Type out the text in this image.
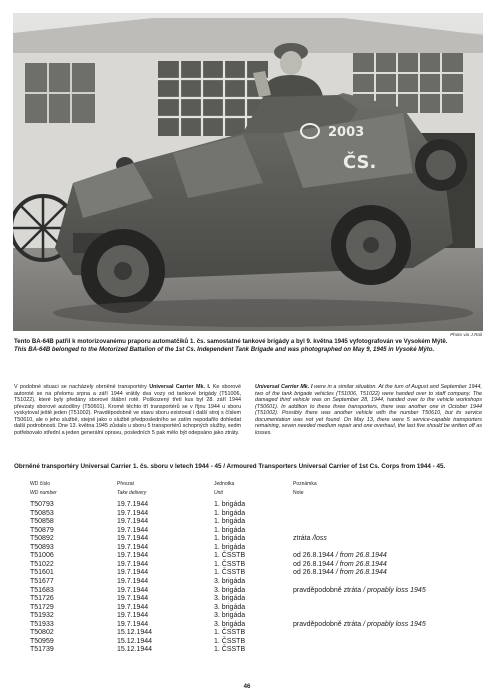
2003
ČS.
Photo via J.Rail
Tento BA-64B patřil k motorizovanému praporu automatčíků 1. čs. samostatné tankové brigády a byl 9. května 1945 vyfotografován ve Vysokém Mýtě.
This BA-64B belonged to the Motorized Battalion of the 1st Cs. Independent Tank Brigade and was photographed on May 9, 1945 in Vysoké Mýto.
V podobné situaci se nacházely obrněné transportéry Universal Carrier Mk. I. Ke sborové autoroté se na přelomu srpna a září 1944 vrátily dva vozy od tankové brigády (T51006, T51022), které byly předány sborové štábní rotě. Poškozený třetí kus byl 28. září 1944 převzaty sborové autodílny (T50601). Kromě těchto tří transportérů se v říjnu 1944 u sboru vyskytoval ještě jeden (T51002). Pravděpodobně ve stavu sboru existoval i další stroj s číslem T50610, ale o jeho službě, stejně jako o službě předposledního se zatím nepodařilo dohledat další podrobnosti. Dne 13. května 1945 zůstalo u sboru 5 transportérů schopných služby, sedm potřebovalo střední a jeden generální opravu, posledních 5 pak mělo být odepsáno jako ztráty.
Universal Carrier Mk. I were in a similar situation. At the turn of August and September 1944, two of the tank brigade vehicles (T51006, T51022) were handed over to staff company. The damaged third vehicle was on September 28, 1944, handed over to the vehicle workshops (T50601). In addition to these three transporters, there was another one in October 1944 (T51002). Possibly there was another vehicle with the number T50610, but its service documentation was not yet found. On May 13, there were 5 service-capable transporters remaining, seven needed medium repair and one overhaul, the last five should be written off as losses.
Obrněné transportéry Universal Carrier 1. čs. sboru v letech 1944 - 45 / Armoured Transporters Universal Carrier of 1st Cs. Corps from 1944 - 45.
WD číslo	Převzat	Jednotka	Poznámka
WD number	Take delivery	Unit	Note
T50793	19.7.1944	1. brigáda
T50853	19.7.1944	1. brigáda
T50858	19.7.1944	1. brigáda
T50879	19.7.1944	1. brigáda
T50892	19.7.1944	1. brigáda	ztráta /loss
T50893	19.7.1944	1. brigáda
T51006	19.7.1944	1. ČSSTB	od 26.8.1944 / from 26.8.1944
T51022	19.7.1944	1. ČSSTB	od 26.8.1944 / from 26.8.1944
T51601	19.7.1944	1. ČSSTB	od 26.8.1944 / from 26.8.1944
T51677	19.7.1944	3. brigáda
T51683	19.7.1944	3. brigáda	pravděpodobně ztráta / propably loss 1945
T51726	19.7.1944	3. brigáda
T51729	19.7.1944	3. brigáda
T51932	19.7.1944	3. brigáda
T51933	19.7.1944	3. brigáda	pravděpodobně ztráta / propably loss 1945
T50802	15.12.1944	1. ČSSTB
T50959	15.12.1944	1. ČSSTB
T51739	15.12.1944	1. ČSSTB
46
